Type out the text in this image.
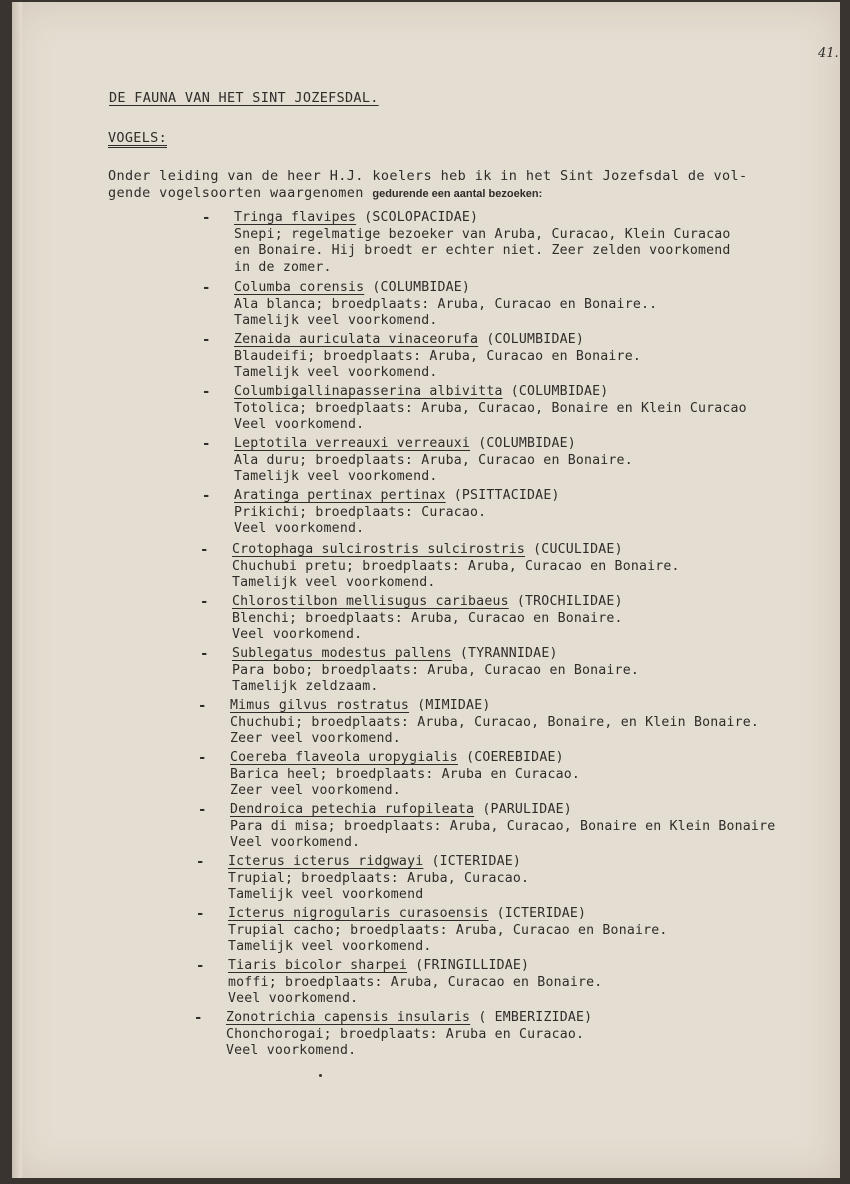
41.
DE FAUNA VAN HET SINT JOZEFSDAL.
VOGELS:
Onder leiding van de heer H.J. koelers heb ik in het Sint Jozefsdal de vol-
gende vogelsoorten waargenomen gedurende een aantal bezoeken:
- Tringa flavipes (SCOLOPACIDAE)
Snepi; regelmatige bezoeker van Aruba, Curacao, Klein Curacao
en Bonaire. Hij broedt er echter niet. Zeer zelden voorkomend
in de zomer.
- Columba corensis (COLUMBIDAE)
Ala blanca; broedplaats: Aruba, Curacao en Bonaire..
Tamelijk veel voorkomend.
- Zenaida auriculata vinaceorufa (COLUMBIDAE)
Blaudeifi; broedplaats: Aruba, Curacao en Bonaire.
Tamelijk veel voorkomend.
- Columbigallinapasserina albivitta (COLUMBIDAE)
Totolica; broedplaats: Aruba, Curacao, Bonaire en Klein Curacao
Veel voorkomend.
- Leptotila verreauxi verreauxi (COLUMBIDAE)
Ala duru; broedplaats: Aruba, Curacao en Bonaire.
Tamelijk veel voorkomend.
- Aratinga pertinax pertinax (PSITTACIDAE)
Prikichi; broedplaats: Curacao.
Veel voorkomend.
- Crotophaga sulcirostris sulcirostris (CUCULIDAE)
Chuchubi pretu; broedplaats: Aruba, Curacao en Bonaire.
Tamelijk veel voorkomend.
- Chlorostilbon mellisugus caribaeus (TROCHILIDAE)
Blenchi; broedplaats: Aruba, Curacao en Bonaire.
Veel voorkomend.
- Sublegatus modestus pallens (TYRANNIDAE)
Para bobo; broedplaats: Aruba, Curacao en Bonaire.
Tamelijk zeldzaam.
- Mimus gilvus rostratus (MIMIDAE)
Chuchubi; broedplaats: Aruba, Curacao, Bonaire, en Klein Bonaire.
Zeer veel voorkomend.
- Coereba flaveola uropygialis (COEREBIDAE)
Barica heel; broedplaats: Aruba en Curacao.
Zeer veel voorkomend.
- Dendroica petechia rufopileata (PARULIDAE)
Para di misa; broedplaats: Aruba, Curacao, Bonaire en Klein Bonaire
Veel voorkomend.
- Icterus icterus ridgwayi (ICTERIDAE)
Trupial; broedplaats: Aruba, Curacao.
Tamelijk veel voorkomend
- Icterus nigrogularis curasoensis (ICTERIDAE)
Trupial cacho; broedplaats: Aruba, Curacao en Bonaire.
Tamelijk veel voorkomend.
- Tiaris bicolor sharpei (FRINGILLIDAE)
moffi; broedplaats: Aruba, Curacao en Bonaire.
Veel voorkomend.
- Zonotrichia capensis insularis ( EMBERIZIDAE)
Chonchorogai; broedplaats: Aruba en Curacao.
Veel voorkomend.
